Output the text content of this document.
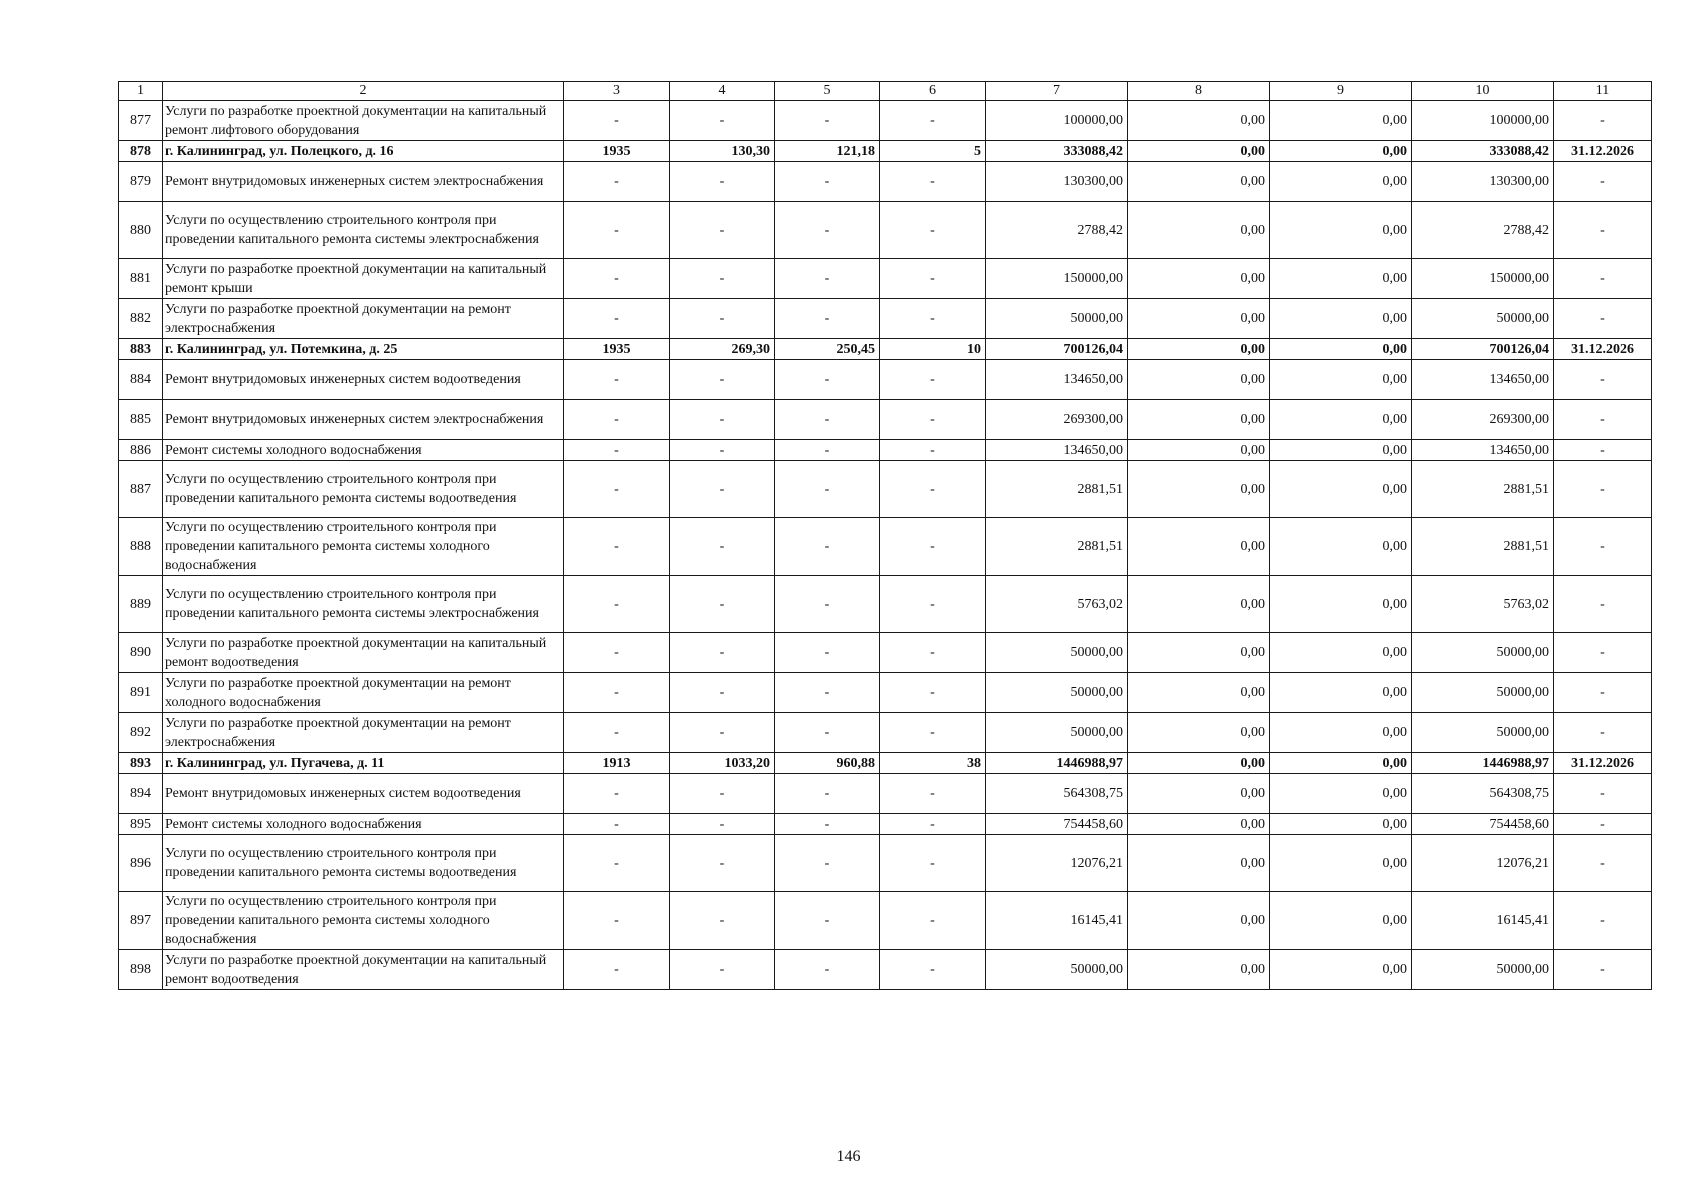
1	2	3	4	5	6	7	8	9	10	11
877	Услуги по разработке проектной документации на капитальный ремонт лифтового оборудования	-	-	-	-	100000,00	0,00	0,00	100000,00	-
878	г. Калининград, ул. Полецкого, д. 16	1935	130,30	121,18	5	333088,42	0,00	0,00	333088,42	31.12.2026
879	Ремонт внутридомовых инженерных систем электроснабжения	-	-	-	-	130300,00	0,00	0,00	130300,00	-
880	Услуги по осуществлению строительного контроля при проведении капитального ремонта системы электроснабжения	-	-	-	-	2788,42	0,00	0,00	2788,42	-
881	Услуги по разработке проектной документации на капитальный ремонт крыши	-	-	-	-	150000,00	0,00	0,00	150000,00	-
882	Услуги по разработке проектной документации на ремонт электроснабжения	-	-	-	-	50000,00	0,00	0,00	50000,00	-
883	г. Калининград, ул. Потемкина, д. 25	1935	269,30	250,45	10	700126,04	0,00	0,00	700126,04	31.12.2026
884	Ремонт внутридомовых инженерных систем водоотведения	-	-	-	-	134650,00	0,00	0,00	134650,00	-
885	Ремонт внутридомовых инженерных систем электроснабжения	-	-	-	-	269300,00	0,00	0,00	269300,00	-
886	Ремонт системы холодного водоснабжения	-	-	-	-	134650,00	0,00	0,00	134650,00	-
887	Услуги по осуществлению строительного контроля при проведении капитального ремонта системы водоотведения	-	-	-	-	2881,51	0,00	0,00	2881,51	-
888	Услуги по осуществлению строительного контроля при проведении капитального ремонта системы холодного водоснабжения	-	-	-	-	2881,51	0,00	0,00	2881,51	-
889	Услуги по осуществлению строительного контроля при проведении капитального ремонта системы электроснабжения	-	-	-	-	5763,02	0,00	0,00	5763,02	-
890	Услуги по разработке проектной документации на капитальный ремонт водоотведения	-	-	-	-	50000,00	0,00	0,00	50000,00	-
891	Услуги по разработке проектной документации на ремонт холодного водоснабжения	-	-	-	-	50000,00	0,00	0,00	50000,00	-
892	Услуги по разработке проектной документации на ремонт электроснабжения	-	-	-	-	50000,00	0,00	0,00	50000,00	-
893	г. Калининград, ул. Пугачева, д. 11	1913	1033,20	960,88	38	1446988,97	0,00	0,00	1446988,97	31.12.2026
894	Ремонт внутридомовых инженерных систем водоотведения	-	-	-	-	564308,75	0,00	0,00	564308,75	-
895	Ремонт системы холодного водоснабжения	-	-	-	-	754458,60	0,00	0,00	754458,60	-
896	Услуги по осуществлению строительного контроля при проведении капитального ремонта системы водоотведения	-	-	-	-	12076,21	0,00	0,00	12076,21	-
897	Услуги по осуществлению строительного контроля при проведении капитального ремонта системы холодного водоснабжения	-	-	-	-	16145,41	0,00	0,00	16145,41	-
898	Услуги по разработке проектной документации на капитальный ремонт водоотведения	-	-	-	-	50000,00	0,00	0,00	50000,00	-
146
